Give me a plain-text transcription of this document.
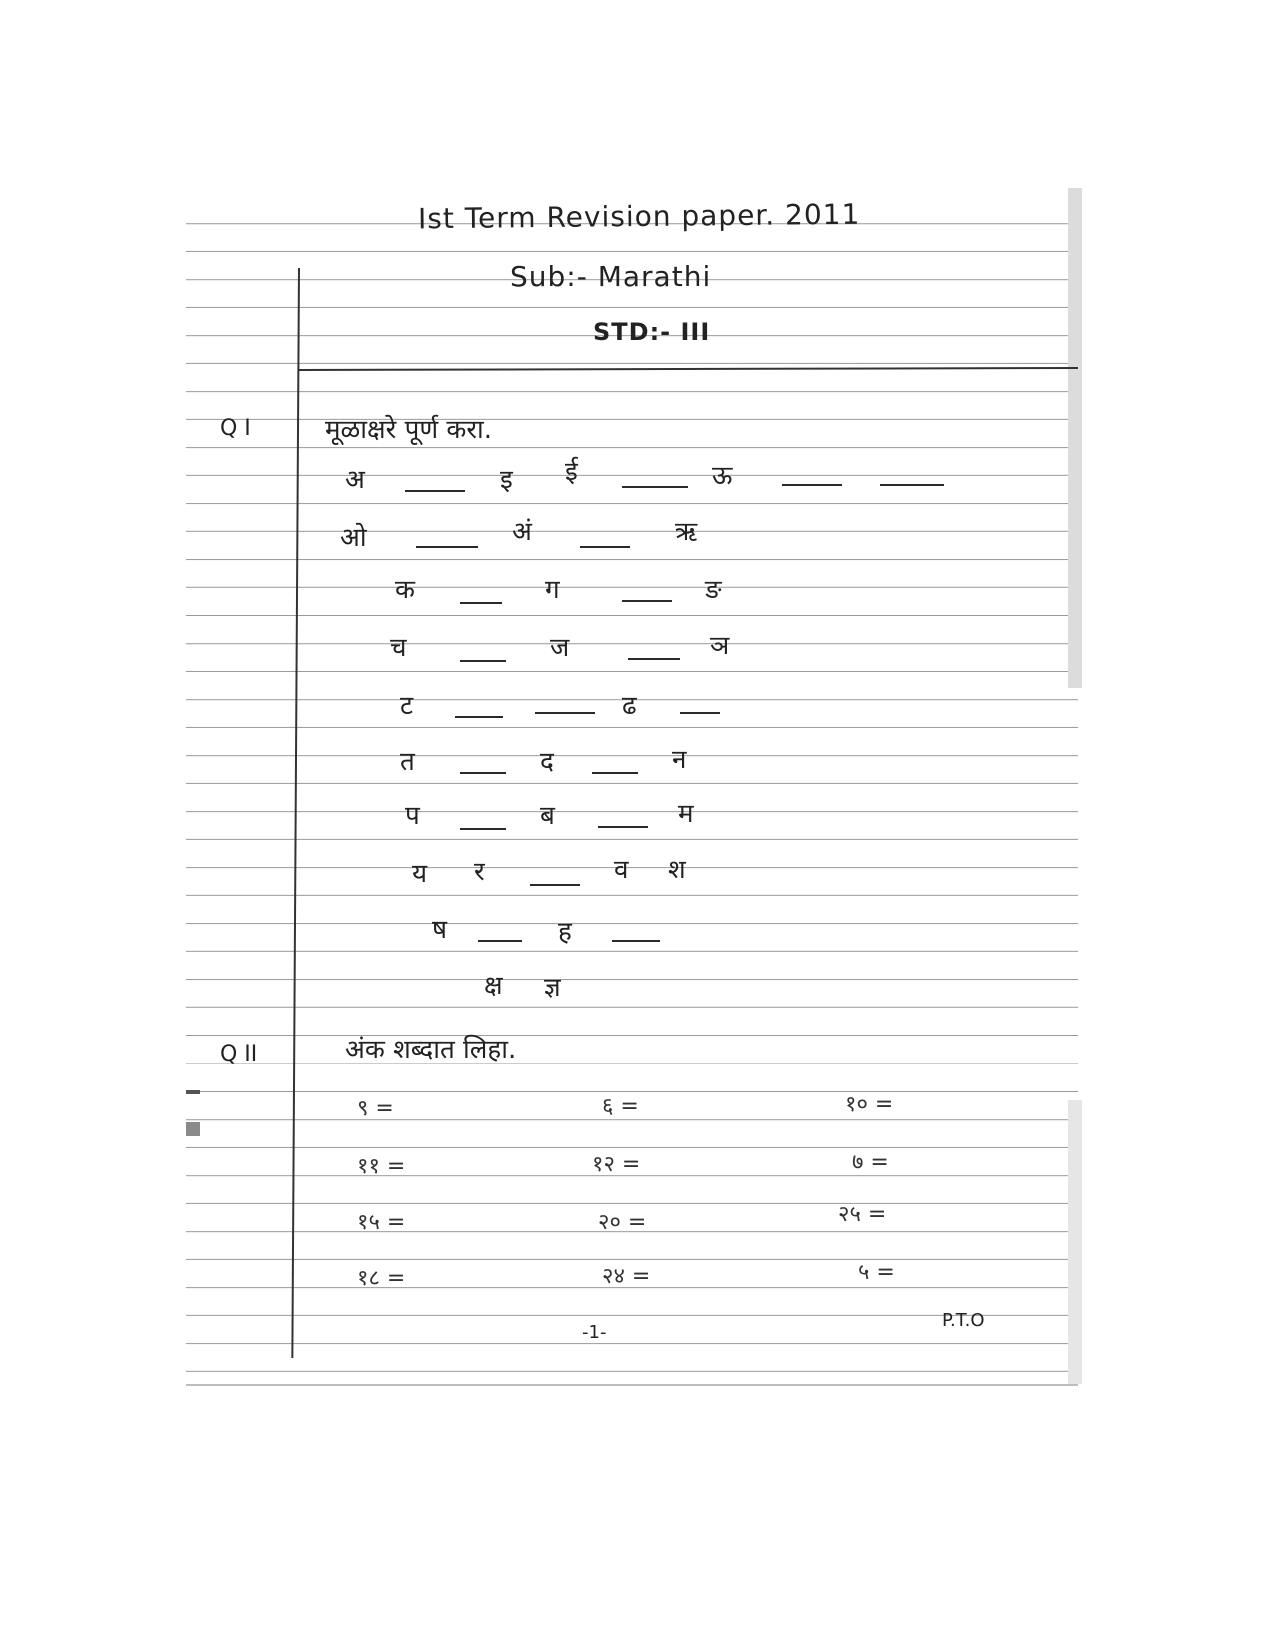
Ist Term Revision paper. 2011
Sub:- Marathi
STD:- III
Q I	मूळाक्षरे पूर्ण करा.
अ	इ ई	ऊ
ओ	अं	ऋ
क	ग	ङ
च	ज	ञ
ट	ढ
त	द	न
प	ब	म
य र	व श
ष	ह
क्ष ज्ञ
Q II	अंक शब्दात लिहा.
९ =	६ =	१० =
११ =	१२ =	७ =
१५ =	२० =	२५ =
१८ =	२४ =	५ =
-1-
P.T.O
